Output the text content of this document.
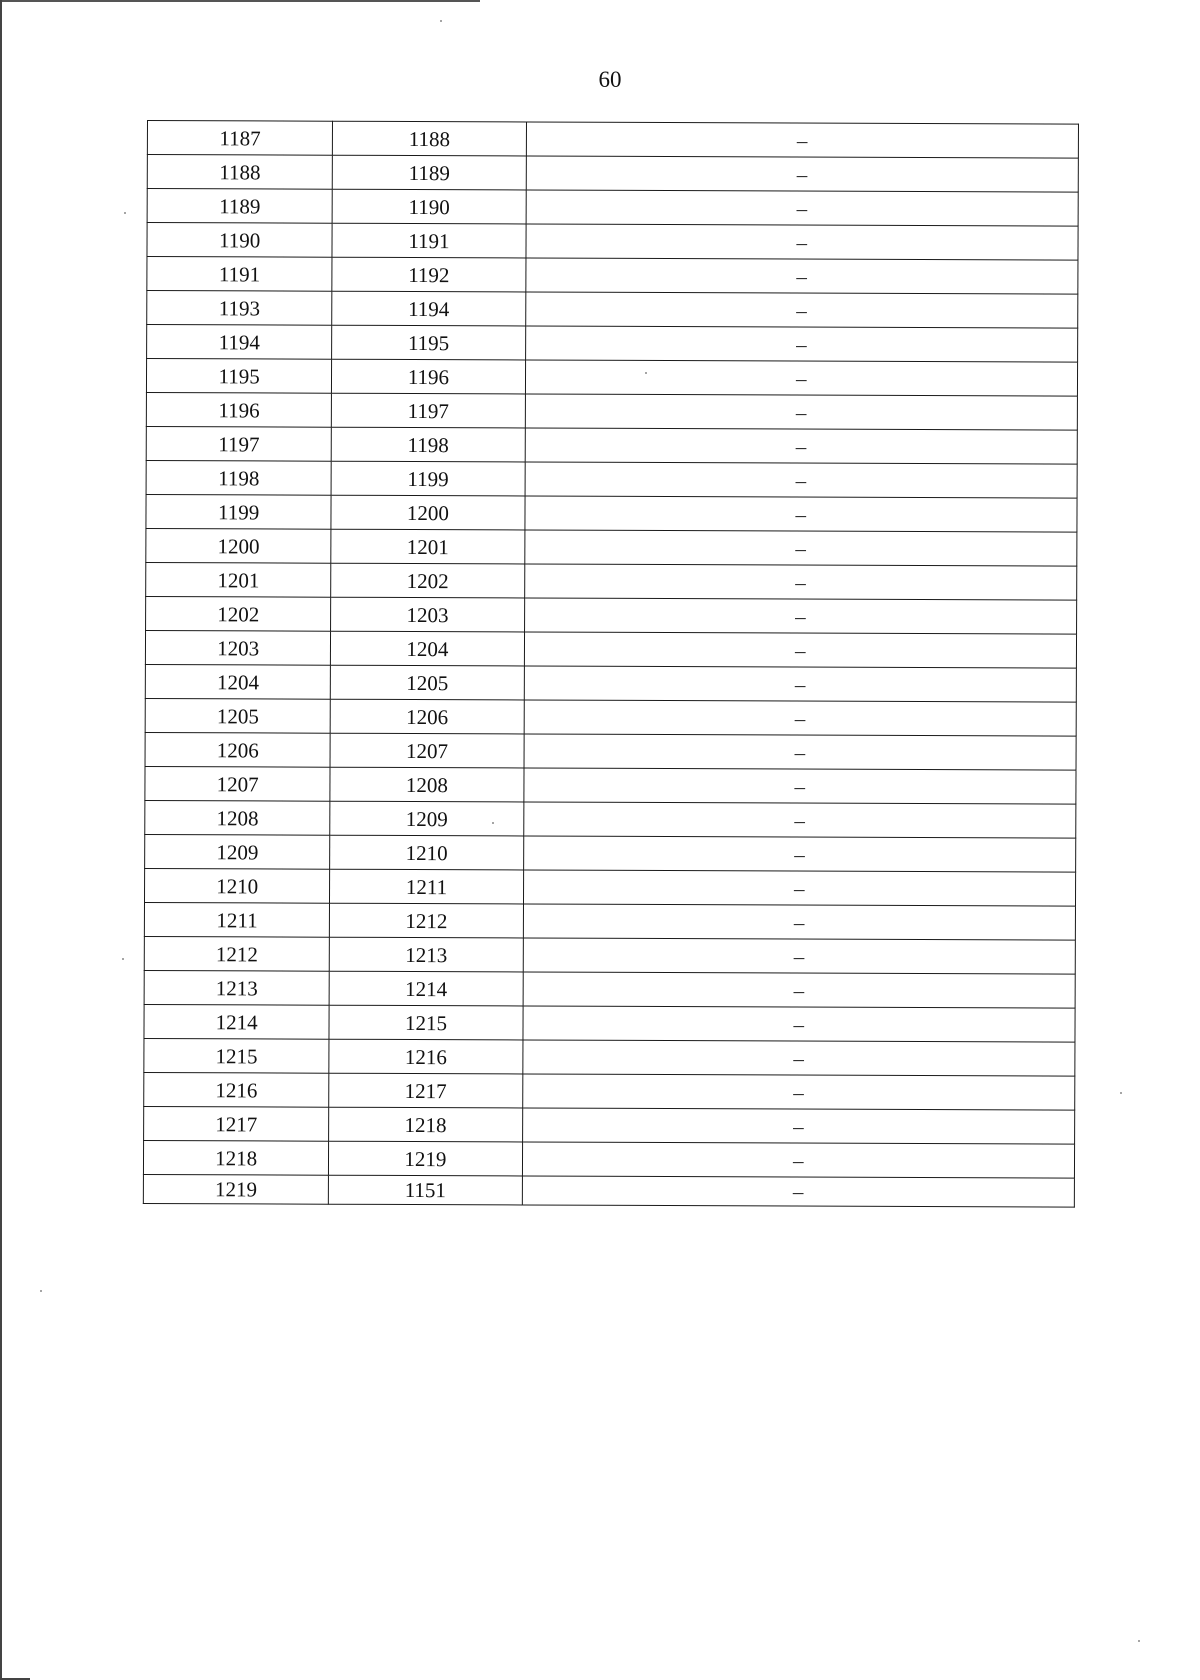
60
1187	1188	–
1188	1189	–
1189	1190	–
1190	1191	–
1191	1192	–
1193	1194	–
1194	1195	–
1195	1196	–
1196	1197	–
1197	1198	–
1198	1199	–
1199	1200	–
1200	1201	–
1201	1202	–
1202	1203	–
1203	1204	–
1204	1205	–
1205	1206	–
1206	1207	–
1207	1208	–
1208	1209	–
1209	1210	–
1210	1211	–
1211	1212	–
1212	1213	–
1213	1214	–
1214	1215	–
1215	1216	–
1216	1217	–
1217	1218	–
1218	1219	–
1219	1151	–
